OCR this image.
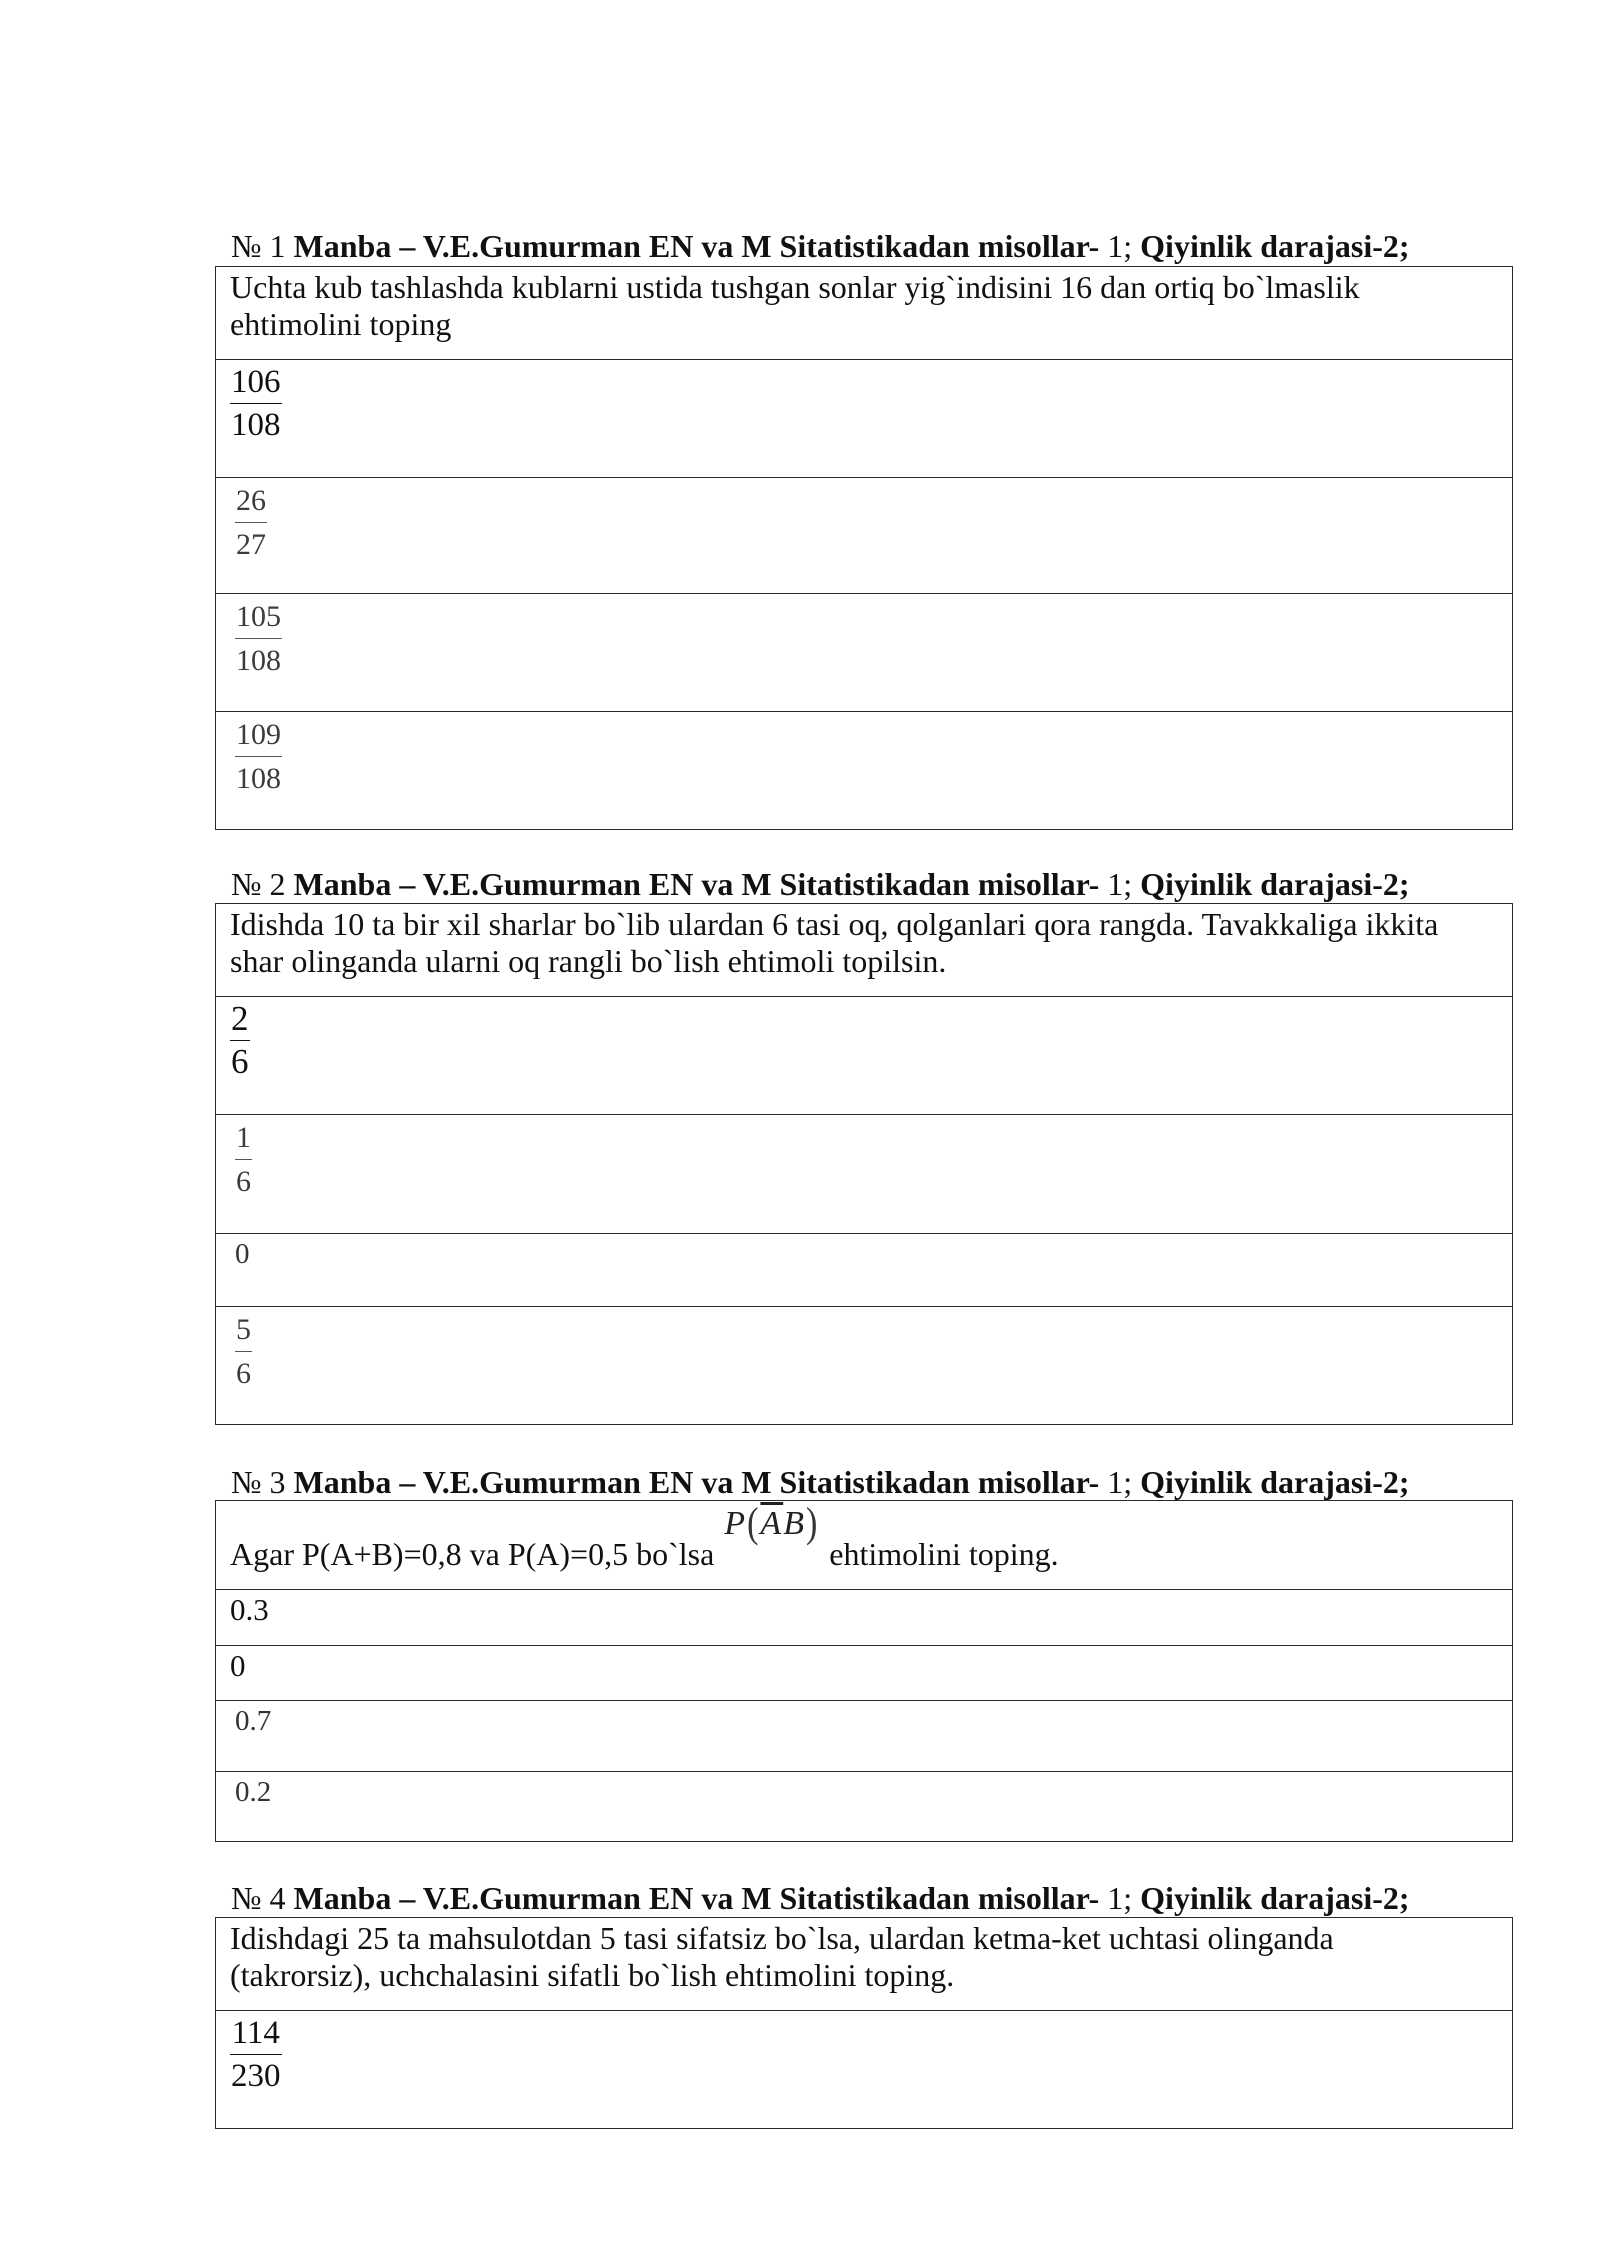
№ 1 Manba – V.E.Gumurman EN va M Sitatistikadan misollar- 1; Qiyinlik darajasi-2;
Uchta kub tashlashda kublarni ustida tushgan sonlar yig`indisini 16 dan ortiq bo`lmaslik ehtimolini toping
$\frac{106}{108}$
$\frac{26}{27}$
$\frac{105}{108}$
$\frac{109}{108}$
№ 2 Manba – V.E.Gumurman EN va M Sitatistikadan misollar- 1; Qiyinlik darajasi-2;
Idishda 10 ta bir xil sharlar bo`lib ulardan 6 tasi oq, qolganlari qora rangda. Tavakkaliga ikkita shar olinganda ularni oq rangli bo`lish ehtimoli topilsin.
$\frac{2}{6}$
$\frac{1}{6}$
0
$\frac{5}{6}$
№ 3 Manba – V.E.Gumurman EN va M Sitatistikadan misollar- 1; Qiyinlik darajasi-2;
Agar P(A+B)=0,8 va P(A)=0,5 bo`lsa $P(\overline{A}B)$ ehtimolini toping.
0.3
0
0.7
0.2
№ 4 Manba – V.E.Gumurman EN va M Sitatistikadan misollar- 1; Qiyinlik darajasi-2;
Idishdagi 25 ta mahsulotdan 5 tasi sifatsiz bo`lsa, ulardan ketma-ket uchtasi olinganda (takrorsiz), uchchalasini sifatli bo`lish ehtimolini toping.
$\frac{114}{230}$
